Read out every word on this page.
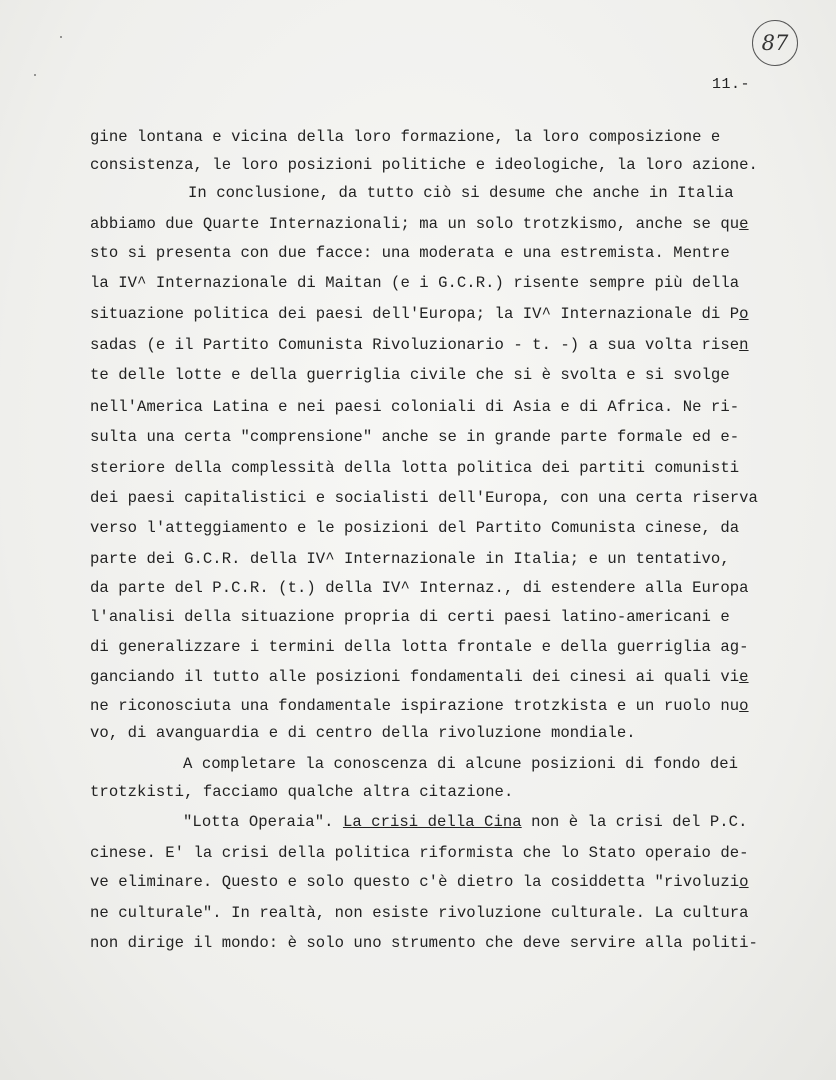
87
11.-
gine lontana e vicina della loro formazione, la loro composizione e
consistenza, le loro posizioni politiche e ideologiche, la loro azione.
In conclusione, da tutto ciò si desume che anche in Italia
abbiamo due Quarte Internazionali; ma un solo trotzkismo, anche se que
sto si presenta con due facce: una moderata e una estremista. Mentre
la IV^ Internazionale di Maitan (e i G.C.R.) risente sempre più della
situazione politica dei paesi dell'Europa; la IV^ Internazionale di Po
sadas (e il Partito Comunista Rivoluzionario - t. -) a sua volta risen
te delle lotte e della guerriglia civile che si è svolta e si svolge
nell'America Latina e nei paesi coloniali di Asia e di Africa. Ne ri-
sulta una certa "comprensione" anche se in grande parte formale ed e-
steriore della complessità della lotta politica dei partiti comunisti
dei paesi capitalistici e socialisti dell'Europa, con una certa riserva
verso l'atteggiamento e le posizioni del Partito Comunista cinese, da
parte dei G.C.R. della IV^ Internazionale in Italia; e un tentativo,
da parte del P.C.R. (t.) della IV^ Internaz., di estendere alla Europa
l'analisi della situazione propria di certi paesi latino-americani e
di generalizzare i termini della lotta frontale e della guerriglia ag-
ganciando il tutto alle posizioni fondamentali dei cinesi ai quali vie
ne riconosciuta una fondamentale ispirazione trotzkista e un ruolo nuo
vo, di avanguardia e di centro della rivoluzione mondiale.
A completare la conoscenza di alcune posizioni di fondo dei
trotzkisti, facciamo qualche altra citazione.
"Lotta Operaia". La crisi della Cina non è la crisi del P.C.
cinese. E' la crisi della politica riformista che lo Stato operaio de-
ve eliminare. Questo e solo questo c'è dietro la cosiddetta "rivoluzio
ne culturale". In realtà, non esiste rivoluzione culturale. La cultura
non dirige il mondo: è solo uno strumento che deve servire alla politi-
